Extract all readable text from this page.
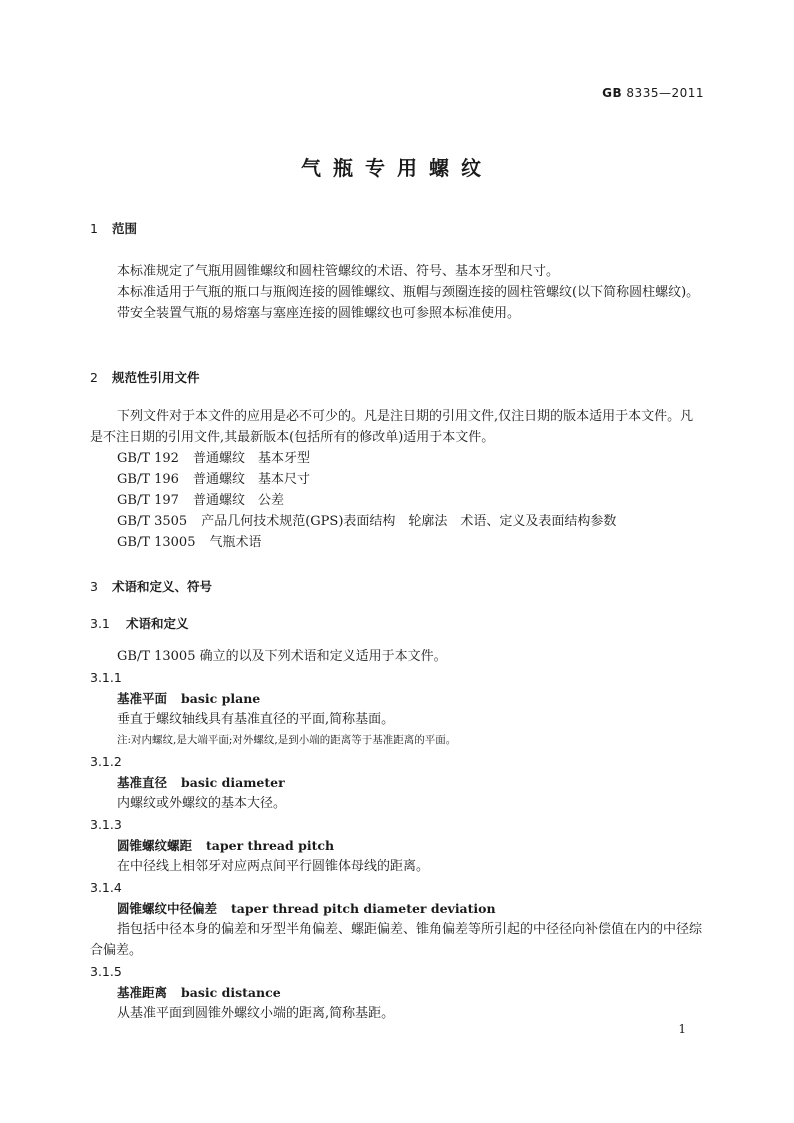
GB 8335—2011
气瓶专用螺纹
1 范围

本标准规定了气瓶用圆锥螺纹和圆柱管螺纹的术语、符号、基本牙型和尺寸。

本标准适用于气瓶的瓶口与瓶阀连接的圆锥螺纹、瓶帽与颈圈连接的圆柱管螺纹(以下简称圆柱螺纹)。

带安全装置气瓶的易熔塞与塞座连接的圆锥螺纹也可参照本标准使用。

2 规范性引用文件

下列文件对于本文件的应用是必不可少的。凡是注日期的引用文件,仅注日期的版本适用于本文件。凡是不注日期的引用文件,其最新版本(包括所有的修改单)适用于本文件。

GB/T 192 普通螺纹　基本牙型

GB/T 196 普通螺纹　基本尺寸

GB/T 197 普通螺纹　公差

GB/T 3505 产品几何技术规范(GPS)表面结构　轮廓法　术语、定义及表面结构参数

GB/T 13005 气瓶术语

3 术语和定义、符号
3.1 术语和定义

GB/T 13005 确立的以及下列术语和定义适用于本文件。

3.1.1
基准平面 basic plane

垂直于螺纹轴线具有基准直径的平面,简称基面。

注:对内螺纹,是大端平面;对外螺纹,是到小端的距离等于基准距离的平面。
3.1.2
基准直径 basic diameter

内螺纹或外螺纹的基本大径。

3.1.3
圆锥螺纹螺距 taper thread pitch

在中径线上相邻牙对应两点间平行圆锥体母线的距离。

3.1.4
圆锥螺纹中径偏差 taper thread pitch diameter deviation

指包括中径本身的偏差和牙型半角偏差、螺距偏差、锥角偏差等所引起的中径径向补偿值在内的中径综合偏差。

3.1.5
基准距离 basic distance

从基准平面到圆锥外螺纹小端的距离,简称基距。

1
